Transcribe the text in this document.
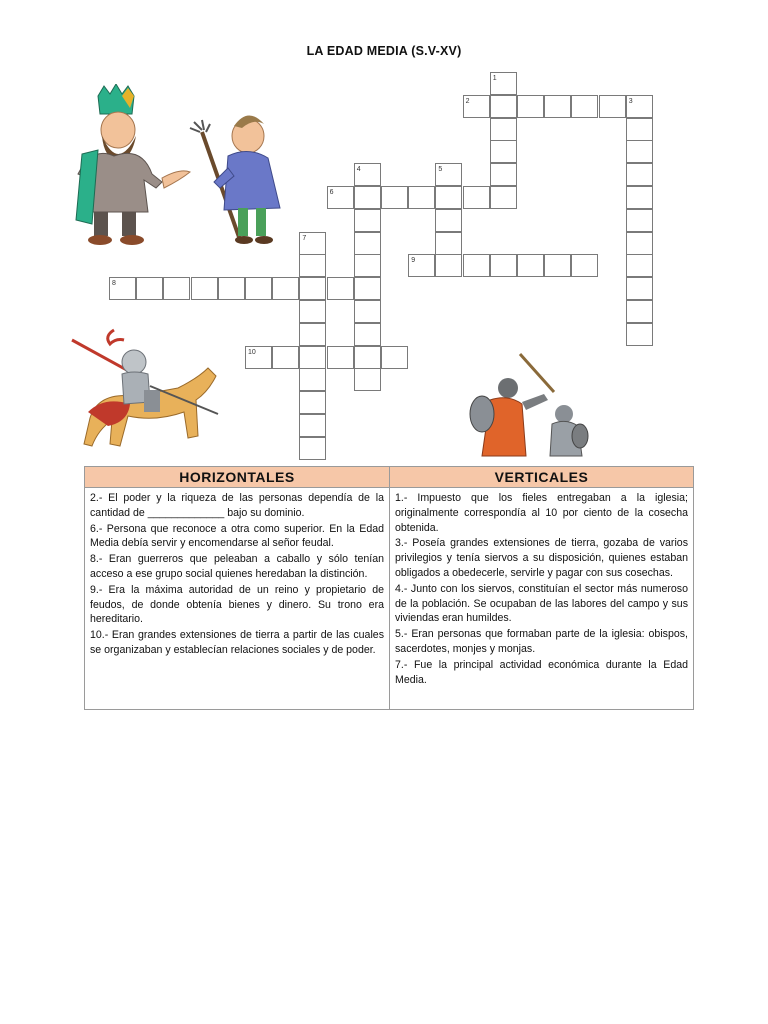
LA EDAD MEDIA (S.V-XV)
1
2	3
4	5
6
7
8
9
10
HORIZONTALES

2.- El poder y la riqueza de las personas dependía de la cantidad de _____________ bajo su dominio.

6.- Persona que reconoce a otra como superior. En la Edad Media debía servir y encomendarse al señor feudal.

8.- Eran guerreros que peleaban a caballo y sólo tenían acceso a ese grupo social quienes heredaban la distinción.

9.- Era la máxima autoridad de un reino y propietario de feudos, de donde obtenía bienes y dinero. Su trono era hereditario.

10.- Eran grandes extensiones de tierra a partir de las cuales se organizaban y establecían relaciones sociales y de poder.

VERTICALES

1.- Impuesto que los fieles entregaban a la iglesia; originalmente correspondía al 10 por ciento de la cosecha obtenida.

3.- Poseía grandes extensiones de tierra, gozaba de varios privilegios y tenía siervos a su disposición, quienes estaban obligados a obedecerle, servirle y pagar con sus cosechas.

4.- Junto con los siervos, constituían el sector más numeroso de la población. Se ocupaban de las labores del campo y sus viviendas eran humildes.

5.- Eran personas que formaban parte de la iglesia: obispos, sacerdotes, monjes y monjas.

7.- Fue la principal actividad económica durante la Edad Media.
